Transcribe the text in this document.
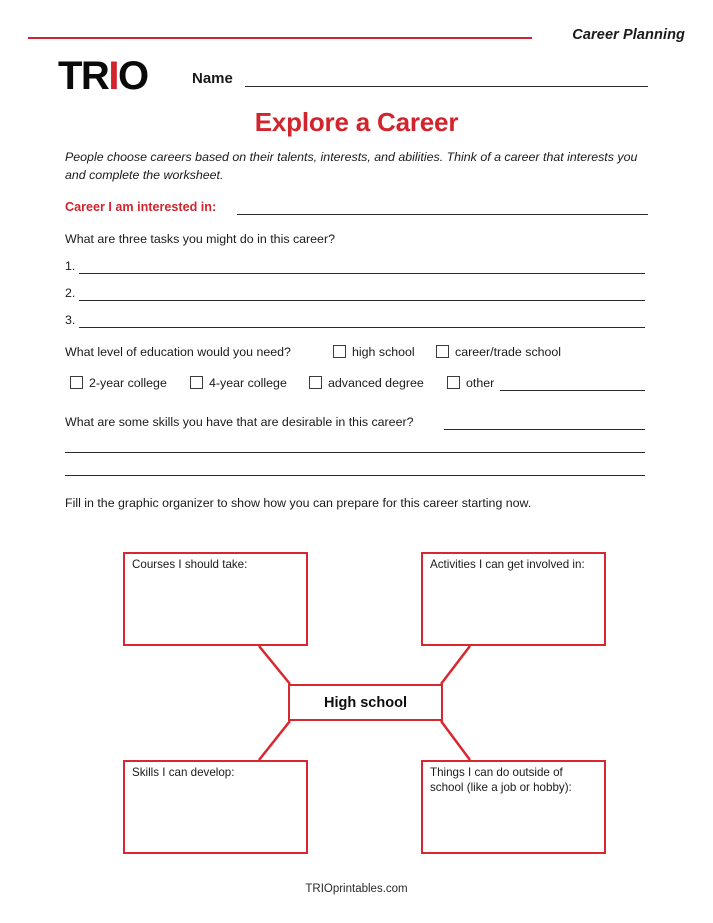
Career Planning
TRIO	Name
Explore a Career
People choose careers based on their talents, interests, and abilities. Think of a career that interests you and complete the worksheet.
Career I am interested in:
What are three tasks you might do in this career?
1.
2.
3.
What level of education would you need?	high school	career/trade school
2-year college	4-year college	advanced degree	other
What are some skills you have that are desirable in this career?
Fill in the graphic organizer to show how you can prepare for this career starting now.
Courses I should take:	Activities I can get involved in:
High school
Skills I can develop:	Things I can do outside of school (like a job or hobby):
TRIOprintables.com
